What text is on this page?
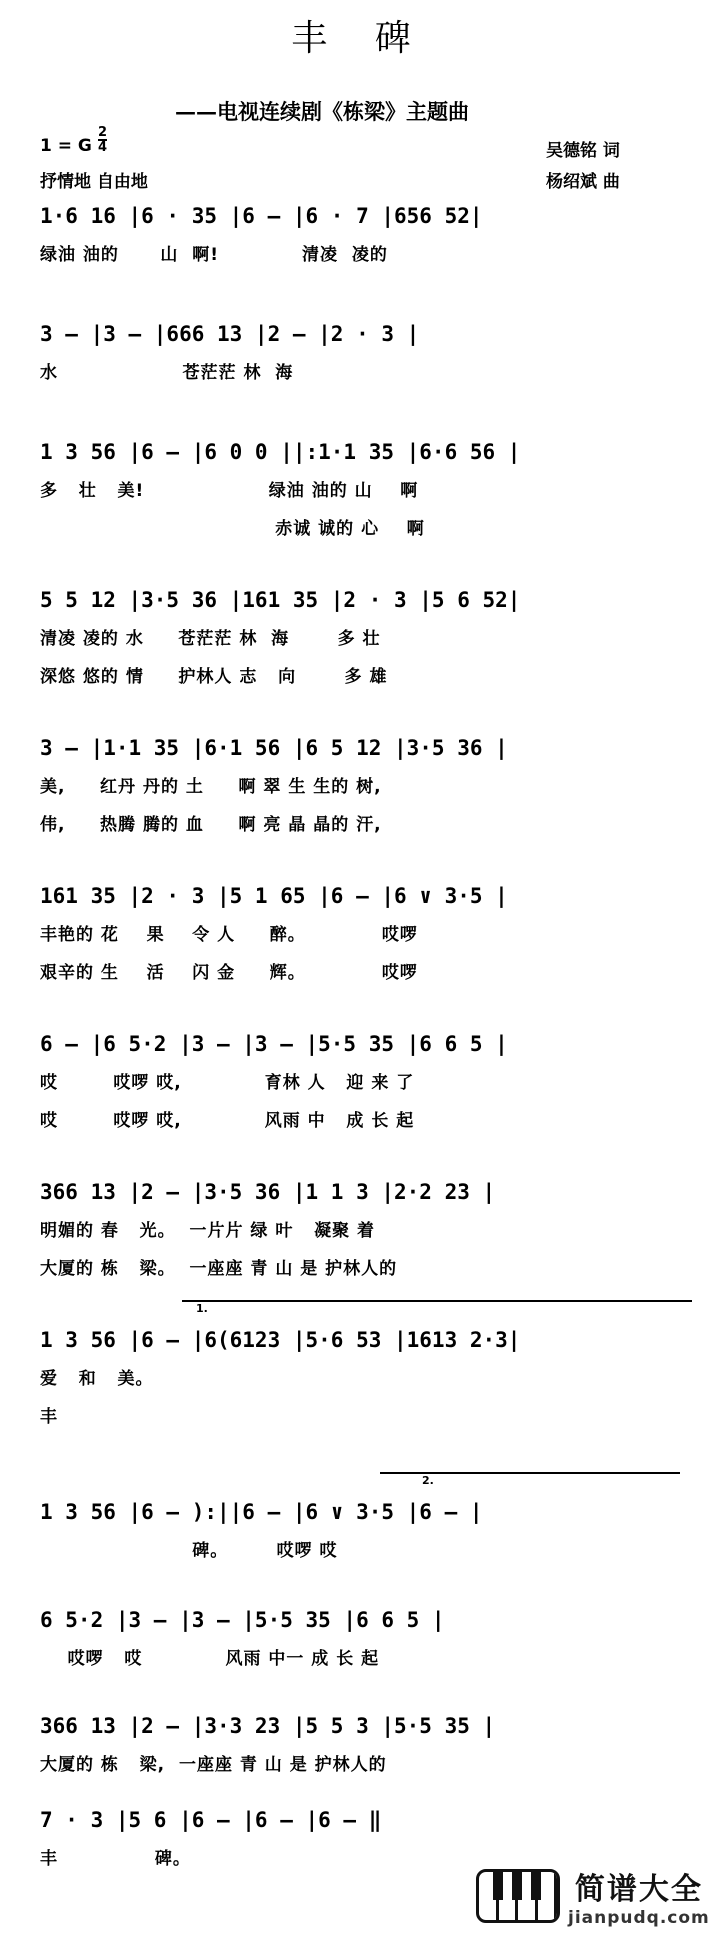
丰 碑
——电视连续剧《栋梁》主题曲
1 = G
2
4
抒情地 自由地
吴德铭 词
杨绍斌 曲
1·6 16 |6 · 35 |6 — |6 · 7 |656 52|
绿油 油的      山  啊!            清凌  凌的
3 — |3 — |666 13 |2 — |2 · 3 |
水                  苍茫茫 林  海
1 3 56 |6 — |6 0 0 ||:1·1 35 |6·6 56 |
多   壮   美!                  绿油 油的 山    啊
赤诚 诚的 心    啊
5 5 12 |3·5 36 |161 35 |2 · 3 |5 6 52|
清凌 凌的 水     苍茫茫 林  海       多 壮
深悠 悠的 情     护林人 志   向       多 雄
3 — |1·1 35 |6·1 56 |6 5 12 |3·5 36 |
美,     红丹 丹的 土     啊 翠 生 生的 树,
伟,     热腾 腾的 血     啊 亮 晶 晶的 汗,
161 35 |2 · 3 |5 1 65 |6 — |6 ∨ 3·5 |
丰艳的 花    果    令 人     醉。           哎啰
艰辛的 生    活    闪 金     辉。           哎啰
6 — |6 5·2 |3 — |3 — |5·5 35 |6 6 5 |
哎        哎啰 哎,            育林 人   迎 来 了
哎        哎啰 哎,            风雨 中   成 长 起
366 13 |2 — |3·5 36 |1 1 3 |2·2 23 |
明媚的 春   光。  一片片 绿 叶   凝聚 着
大厦的 栋   梁。  一座座 青 山 是 护林人的
1.
1 3 56 |6 — |6(6123 |5·6 53 |1613 2·3|
爱   和   美。
丰
2.
1 3 56 |6 — ):||6 — |6 ∨ 3·5 |6 — |
碑。       哎啰 哎
6 5·2 |3 — |3 — |5·5 35 |6 6 5 |
哎啰   哎            风雨 中一 成 长 起
366 13 |2 — |3·3 23 |5 5 3 |5·5 35 |
大厦的 栋   梁,  一座座 青 山 是 护林人的
7 · 3 |5 6 |6 — |6 — |6 — ‖
丰              碑。
简谱大全
jianpudq.com
